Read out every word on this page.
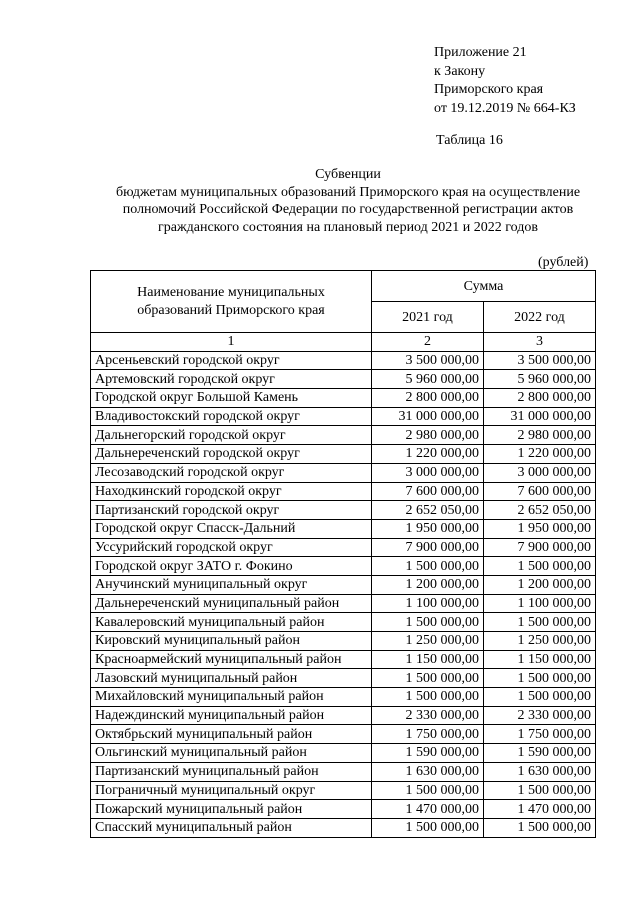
Приложение 21
к Закону
Приморского края
от 19.12.2019 № 664-КЗ
Таблица 16
Субвенции
бюджетам муниципальных образований Приморского края на осуществление
полномочий Российской Федерации по государственной регистрации актов
гражданского состояния на плановый период 2021 и 2022 годов
(рублей)
Наименование муниципальных
образований Приморского края	Сумма	
	2021 год	2022 год
1	2	3
Арсеньевский городской округ	3 500 000,00	3 500 000,00
Артемовский городской округ	5 960 000,00	5 960 000,00
Городской округ Большой Камень	2 800 000,00	2 800 000,00
Владивостокский городской округ	31 000 000,00	31 000 000,00
Дальнегорский городской округ	2 980 000,00	2 980 000,00
Дальнереченский городской округ	1 220 000,00	1 220 000,00
Лесозаводский городской округ	3 000 000,00	3 000 000,00
Находкинский городской округ	7 600 000,00	7 600 000,00
Партизанский городской округ	2 652 050,00	2 652 050,00
Городской округ Спасск-Дальний	1 950 000,00	1 950 000,00
Уссурийский городской округ	7 900 000,00	7 900 000,00
Городской округ ЗАТО г. Фокино	1 500 000,00	1 500 000,00
Анучинский муниципальный округ	1 200 000,00	1 200 000,00
Дальнереченский муниципальный район	1 100 000,00	1 100 000,00
Кавалеровский муниципальный район	1 500 000,00	1 500 000,00
Кировский муниципальный район	1 250 000,00	1 250 000,00
Красноармейский муниципальный район	1 150 000,00	1 150 000,00
Лазовский муниципальный район	1 500 000,00	1 500 000,00
Михайловский муниципальный район	1 500 000,00	1 500 000,00
Надеждинский муниципальный район	2 330 000,00	2 330 000,00
Октябрьский муниципальный район	1 750 000,00	1 750 000,00
Ольгинский муниципальный район	1 590 000,00	1 590 000,00
Партизанский муниципальный район	1 630 000,00	1 630 000,00
Пограничный муниципальный округ	1 500 000,00	1 500 000,00
Пожарский муниципальный район	1 470 000,00	1 470 000,00
Спасский муниципальный район	1 500 000,00	1 500 000,00
